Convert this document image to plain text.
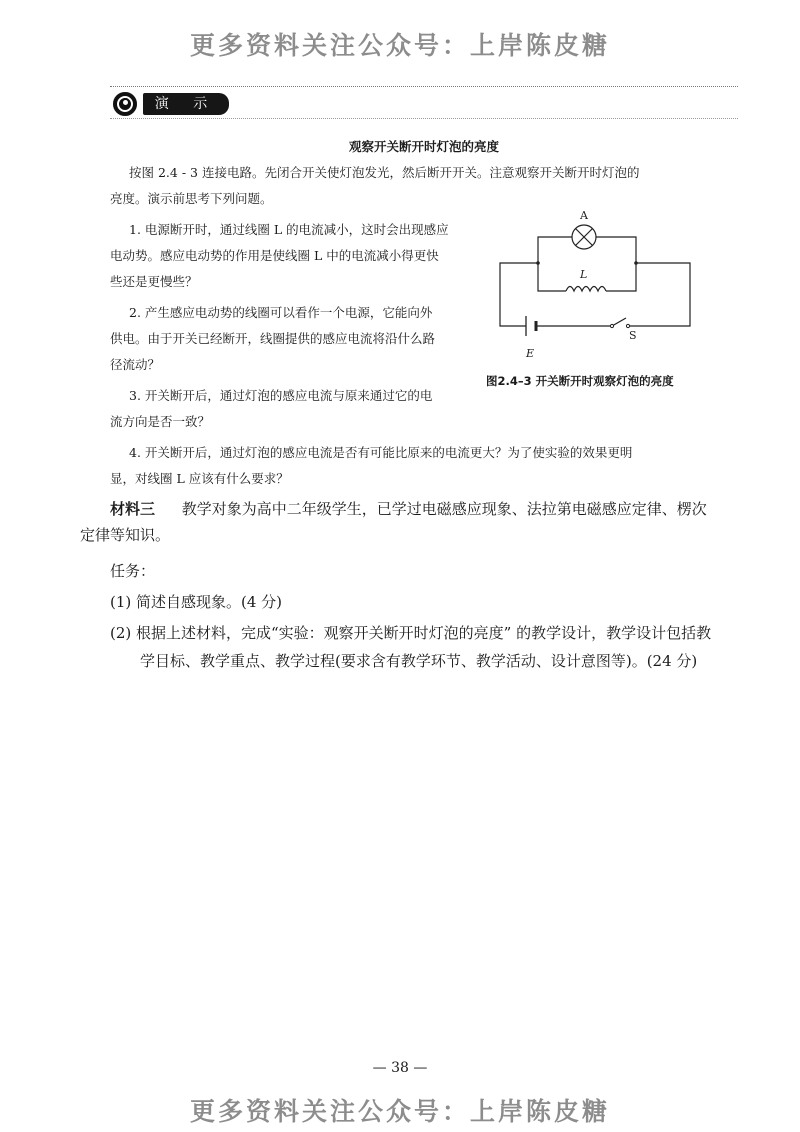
更多资料关注公众号：上岸陈皮糖
演 示
观察开关断开时灯泡的亮度
按图 2.4 - 3 连接电路。先闭合开关使灯泡发光，然后断开开关。注意观察开关断开时灯泡的
亮度。演示前思考下列问题。
1. 电源断开时，通过线圈 L 的电流减小，这时会出现感应
电动势。感应电动势的作用是使线圈 L 中的电流减小得更快
些还是更慢些？
2. 产生感应电动势的线圈可以看作一个电源，它能向外
供电。由于开关已经断开，线圈提供的感应电流将沿什么路
径流动？
3. 开关断开后，通过灯泡的感应电流与原来通过它的电
流方向是否一致？
4. 开关断开后，通过灯泡的感应电流是否有可能比原来的电流更大？为了使实验的效果更明
显，对线圈 L 应该有什么要求？
A
L
S
E
图2.4–3 开关断开时观察灯泡的亮度
材料三 教学对象为高中二年级学生，已学过电磁感应现象、法拉第电磁感应定律、楞次
定律等知识。
任务：
(1) 简述自感现象。(4 分)
(2) 根据上述材料，完成“实验：观察开关断开时灯泡的亮度” 的教学设计，教学设计包括教
学目标、教学重点、教学过程(要求含有教学环节、教学活动、设计意图等)。(24 分)
— 38 —
更多资料关注公众号：上岸陈皮糖
